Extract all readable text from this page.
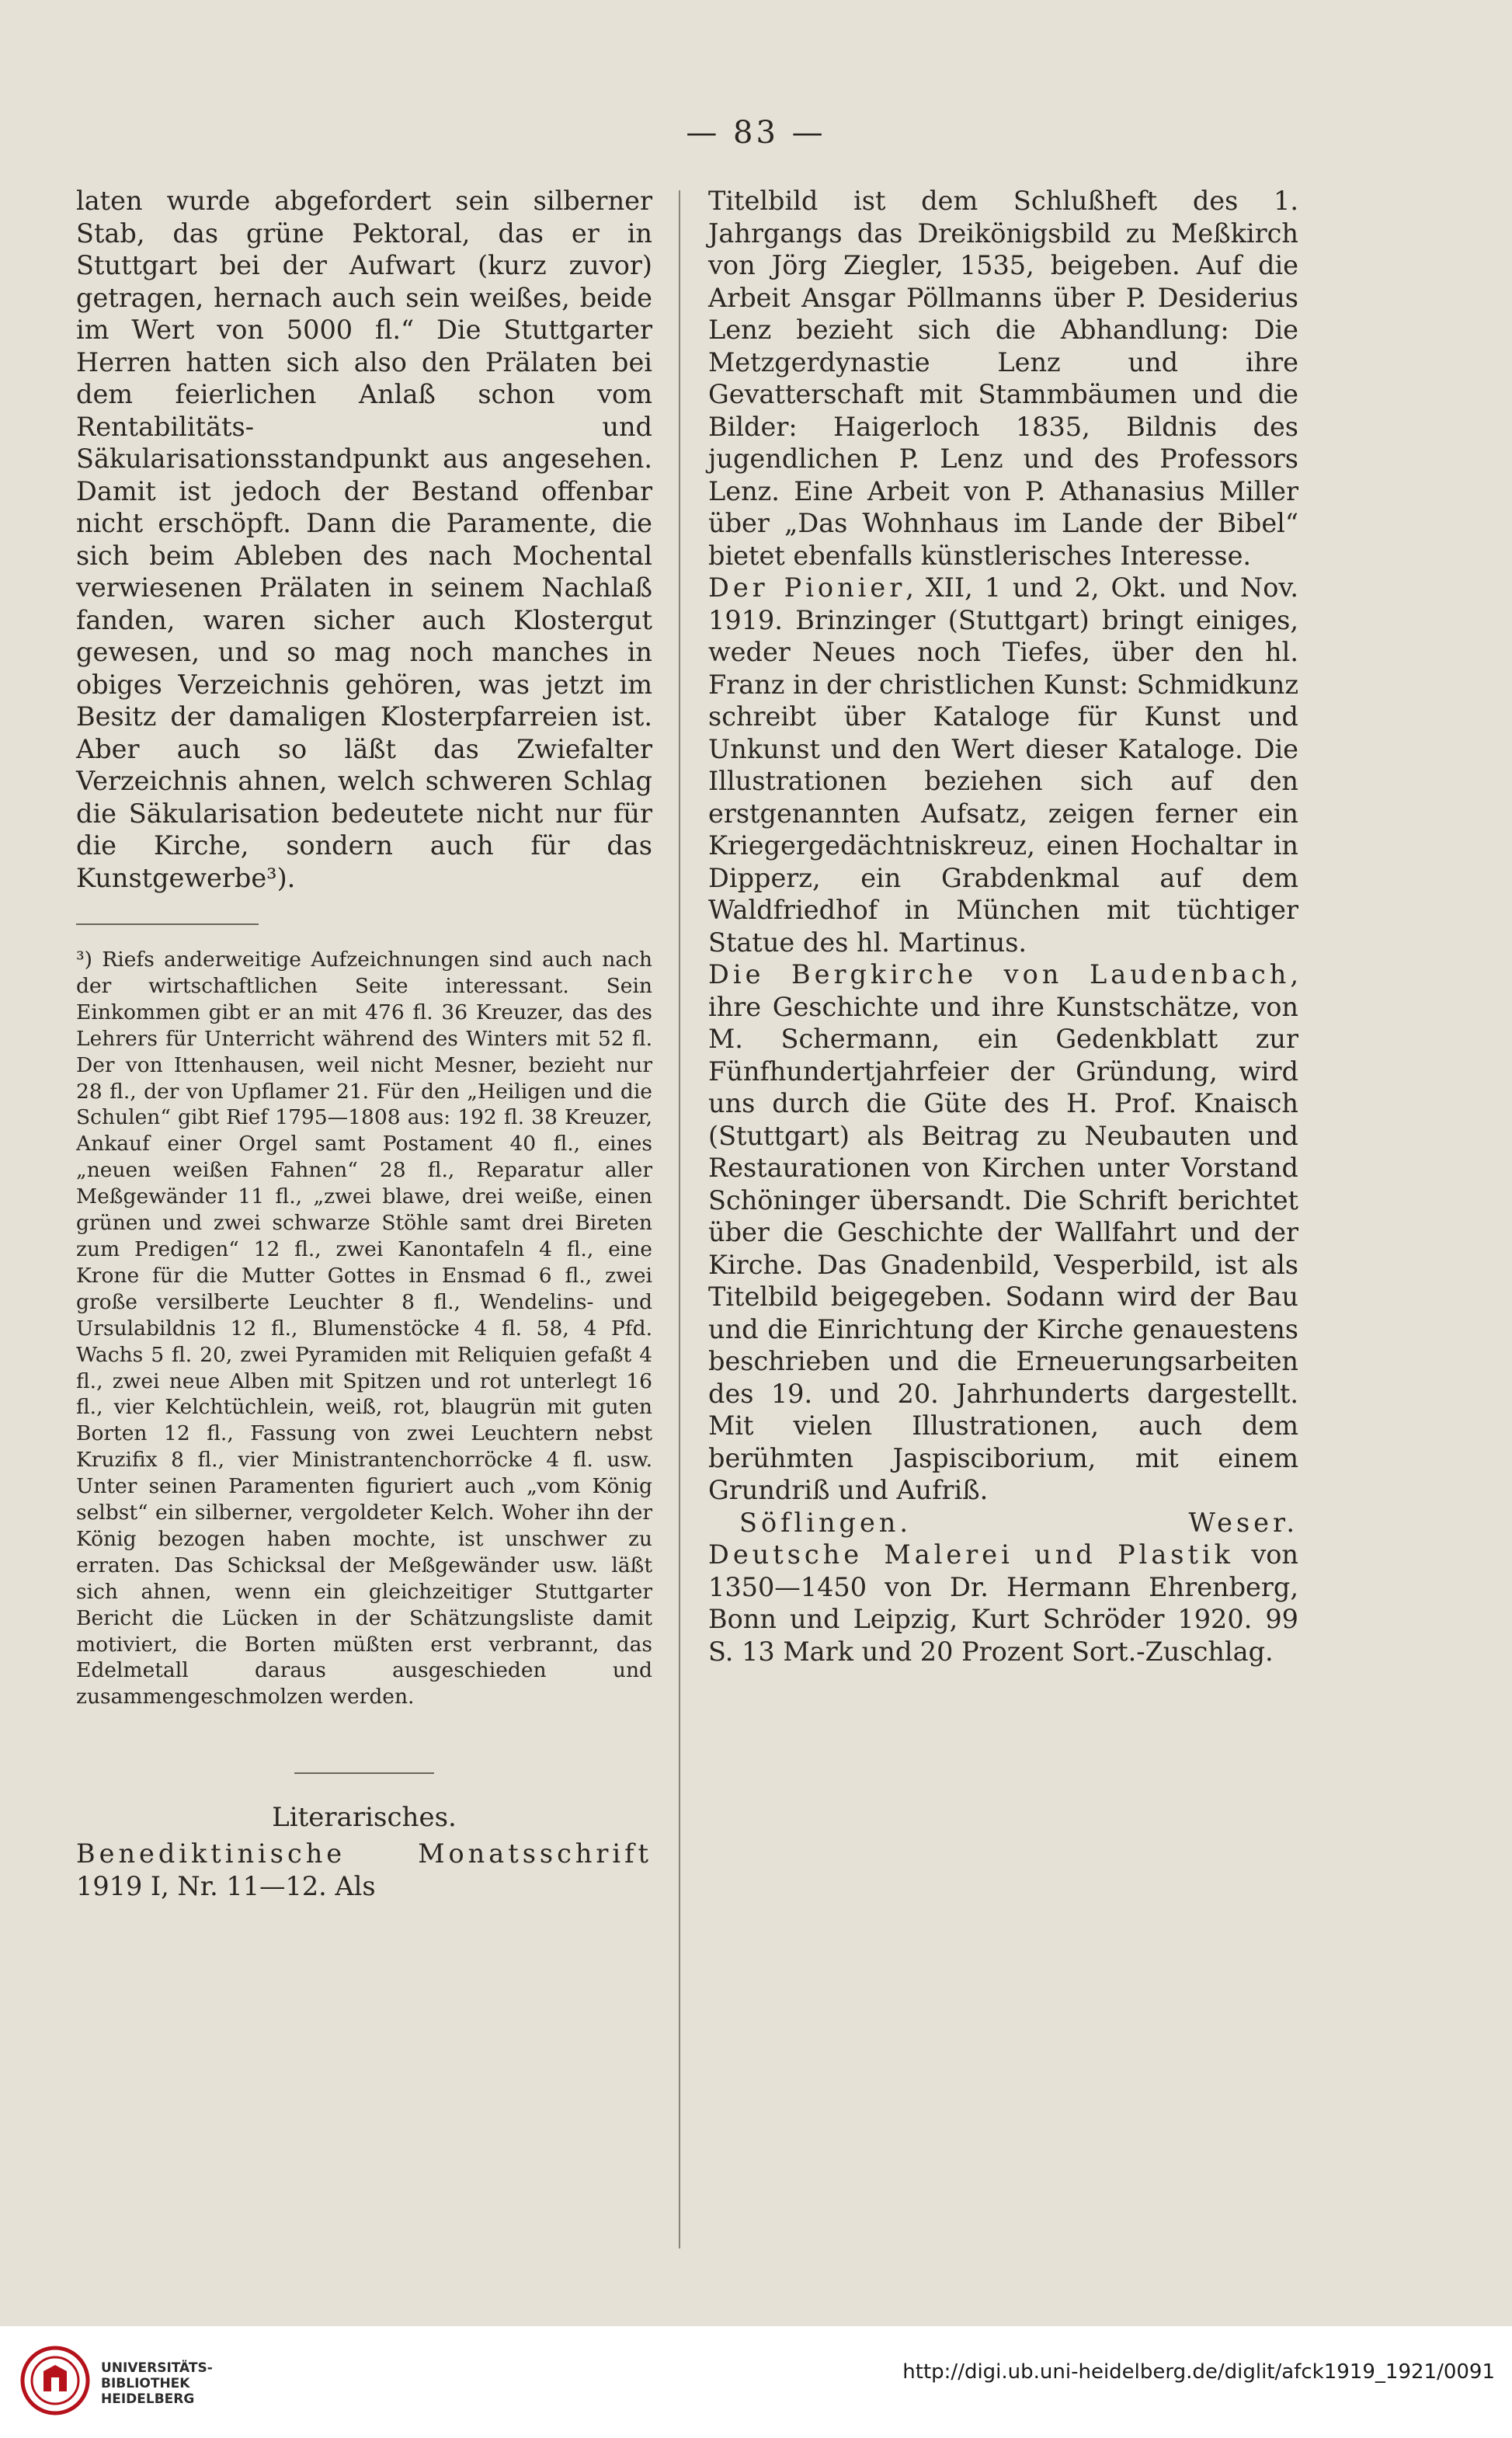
— 83 —

laten wurde abgefordert sein silberner Stab, das grüne Pektoral, das er in Stuttgart bei der Aufwart (kurz zuvor) getragen, hernach auch sein weißes, beide im Wert von 5000 fl.“ Die Stuttgarter Herren hatten sich also den Prälaten bei dem feierlichen Anlaß schon vom Rentabilitäts- und Säkularisationsstandpunkt aus angesehen. Damit ist jedoch der Bestand offenbar nicht erschöpft. Dann die Paramente, die sich beim Ableben des nach Mochental verwiesenen Prälaten in seinem Nachlaß fanden, waren sicher auch Klostergut gewesen, und so mag noch manches in obiges Verzeichnis gehören, was jetzt im Besitz der damaligen Klosterpfarreien ist. Aber auch so läßt das Zwiefalter Verzeichnis ahnen, welch schweren Schlag die Säkularisation bedeutete nicht nur für die Kirche, sondern auch für das Kunstgewerbe³).

³) Riefs anderweitige Aufzeichnungen sind auch nach der wirtschaftlichen Seite interessant. Sein Einkommen gibt er an mit 476 fl. 36 Kreuzer, das des Lehrers für Unterricht während des Winters mit 52 fl. Der von Ittenhausen, weil nicht Mesner, bezieht nur 28 fl., der von Upflamer 21. Für den „Heiligen und die Schulen“ gibt Rief 1795—1808 aus: 192 fl. 38 Kreuzer, Ankauf einer Orgel samt Postament 40 fl., eines „neuen weißen Fahnen“ 28 fl., Reparatur aller Meßgewänder 11 fl., „zwei blawe, drei weiße, einen grünen und zwei schwarze Stöhle samt drei Bireten zum Predigen“ 12 fl., zwei Kanontafeln 4 fl., eine Krone für die Mutter Gottes in Ensmad 6 fl., zwei große versilberte Leuchter 8 fl., Wendelins- und Ursulabildnis 12 fl., Blumenstöcke 4 fl. 58, 4 Pfd. Wachs 5 fl. 20, zwei Pyramiden mit Reliquien gefaßt 4 fl., zwei neue Alben mit Spitzen und rot unterlegt 16 fl., vier Kelchtüchlein, weiß, rot, blaugrün mit guten Borten 12 fl., Fassung von zwei Leuchtern nebst Kruzifix 8 fl., vier Ministrantenchorröcke 4 fl. usw. Unter seinen Paramenten figuriert auch „vom König selbst“ ein silberner, vergoldeter Kelch. Woher ihn der König bezogen haben mochte, ist unschwer zu erraten. Das Schicksal der Meßgewänder usw. läßt sich ahnen, wenn ein gleichzeitiger Stuttgarter Bericht die Lücken in der Schätzungsliste damit motiviert, die Borten müßten erst verbrannt, das Edelmetall daraus ausgeschieden und zusammengeschmolzen werden.

Literarisches.

Benediktinische Monatsschrift 1919 I, Nr. 11—12. Als

Titelbild ist dem Schlußheft des 1. Jahrgangs das Dreikönigsbild zu Meßkirch von Jörg Ziegler, 1535, beigeben. Auf die Arbeit Ansgar Pöllmanns über P. Desiderius Lenz bezieht sich die Abhandlung: Die Metzgerdynastie Lenz und ihre Gevatterschaft mit Stammbäumen und die Bilder: Haigerloch 1835, Bildnis des jugendlichen P. Lenz und des Professors Lenz. Eine Arbeit von P. Athanasius Miller über „Das Wohnhaus im Lande der Bibel“ bietet ebenfalls künstlerisches Interesse.

Der Pionier, XII, 1 und 2, Okt. und Nov. 1919. Brinzinger (Stuttgart) bringt einiges, weder Neues noch Tiefes, über den hl. Franz in der christlichen Kunst: Schmidkunz schreibt über Kataloge für Kunst und Unkunst und den Wert dieser Kataloge. Die Illustrationen beziehen sich auf den erstgenannten Aufsatz, zeigen ferner ein Kriegergedächtniskreuz, einen Hochaltar in Dipperz, ein Grabdenkmal auf dem Waldfriedhof in München mit tüchtiger Statue des hl. Martinus.

Die Bergkirche von Laudenbach, ihre Geschichte und ihre Kunstschätze, von M. Schermann, ein Gedenkblatt zur Fünfhundertjahrfeier der Gründung, wird uns durch die Güte des H. Prof. Knaisch (Stuttgart) als Beitrag zu Neubauten und Restaurationen von Kirchen unter Vorstand Schöninger übersandt. Die Schrift berichtet über die Geschichte der Wallfahrt und der Kirche. Das Gnadenbild, Vesperbild, ist als Titelbild beigegeben. Sodann wird der Bau und die Einrichtung der Kirche genauestens beschrieben und die Erneuerungsarbeiten des 19. und 20. Jahrhunderts dargestellt. Mit vielen Illustrationen, auch dem berühmten Jaspisciborium, mit einem Grundriß und Aufriß.

Söflingen.	Weser.

Deutsche Malerei und Plastik von 1350—1450 von Dr. Hermann Ehrenberg, Bonn und Leipzig, Kurt Schröder 1920. 99 S. 13 Mark und 20 Prozent Sort.-Zuschlag.

UNIVERSITÄTS-
BIBLIOTHEK
HEIDELBERG
http://digi.ub.uni-heidelberg.de/diglit/afck1919_1921/0091
